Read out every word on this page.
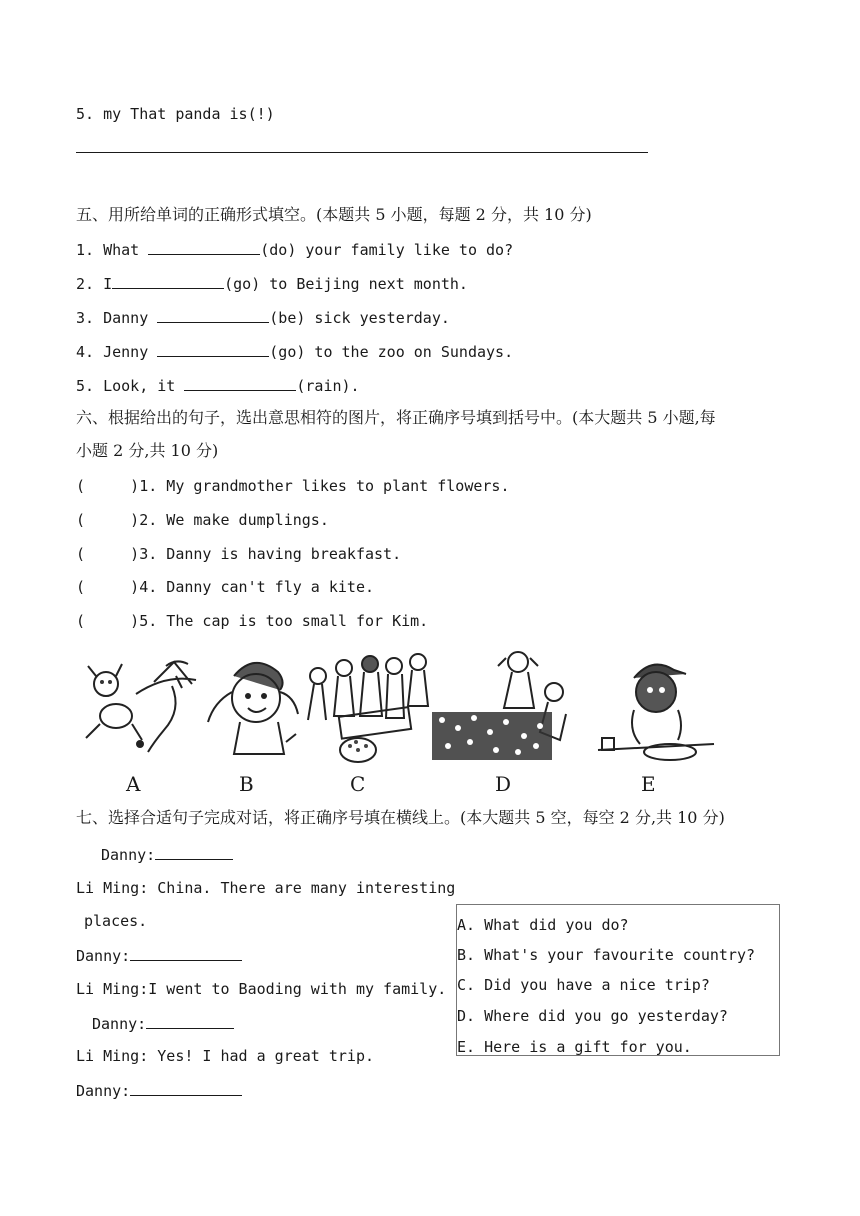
5. my That panda is(!)
五、用所给单词的正确形式填空。(本题共 5 小题，每题 2 分，共 10 分)
1. What	(do) your family like to do?
2. I	(go) to Beijing next month.
3. Danny	(be) sick yesterday.
4. Jenny	(go) to the zoo on Sundays.
5. Look, it	(rain).
六、根据给出的句子，选出意思相符的图片，将正确序号填到括号中。(本大题共 5 小题,每
小题 2 分,共 10 分)
(     )1. My grandmother likes to plant flowers.
(     )2. We make dumplings.
(     )3. Danny is having breakfast.
(     )4. Danny can't fly a kite.
(     )5. The cap is too small for Kim.
A	B	C	D	E
七、选择合适句子完成对话，将正确序号填在横线上。(本大题共 5 空，每空 2 分,共 10 分)
Danny:
Li Ming: China. There are many interesting
places.
Danny:
Li Ming:I went to Baoding with my family.
Danny:
Li Ming: Yes! I had a great trip.
Danny:
A. What did you do?
B. What's your favourite country?
C. Did you have a nice trip?
D. Where did you go yesterday?
E. Here is a gift for you.
